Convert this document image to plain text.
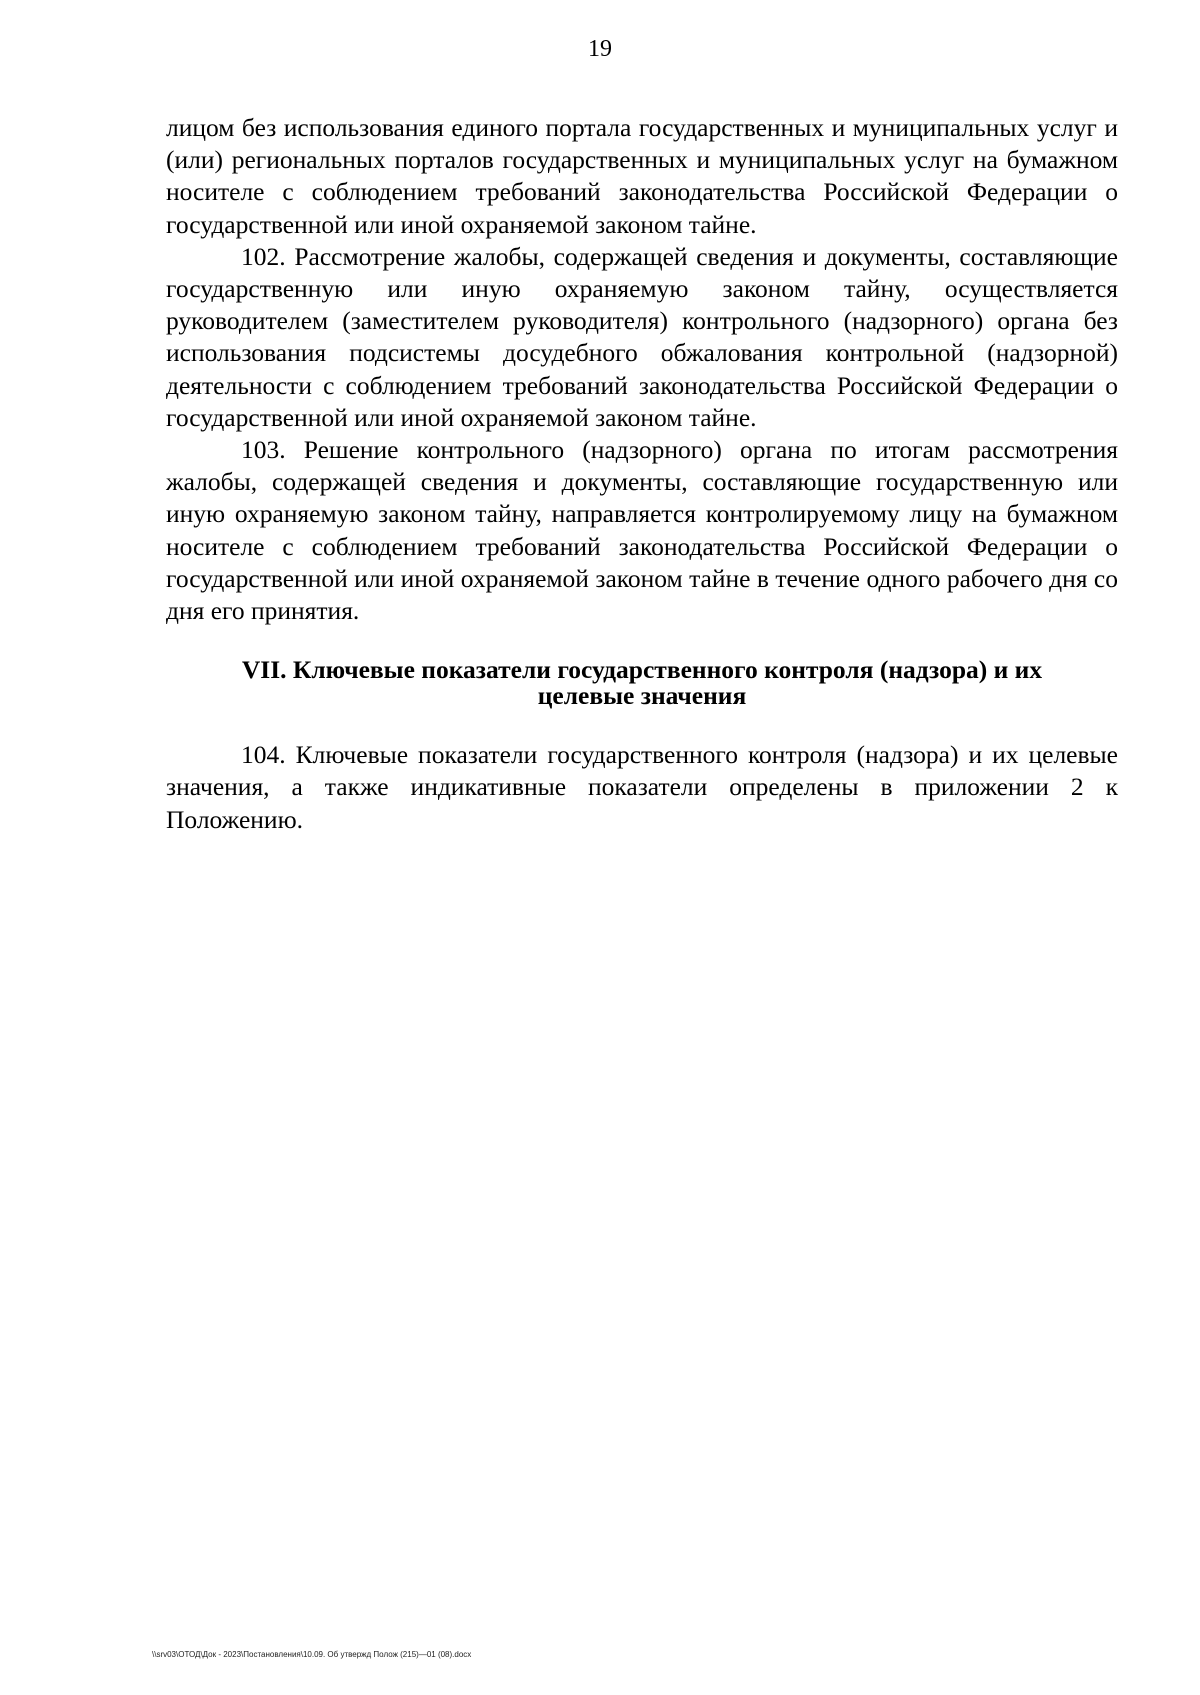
19

лицом без использования единого портала государственных и муниципальных услуг и (или) региональных порталов государственных и муниципальных услуг на бумажном носителе с соблюдением требований законодательства Российской Федерации о государственной или иной охраняемой законом тайне.

102. Рассмотрение жалобы, содержащей сведения и документы, составляющие государственную или иную охраняемую законом тайну, осуществляется руководителем (заместителем руководителя) контрольного (надзорного) органа без использования подсистемы досудебного обжалования контрольной (надзорной) деятельности с соблюдением требований законодательства Российской Федерации о государственной или иной охраняемой законом тайне.

103. Решение контрольного (надзорного) органа по итогам рассмотрения жалобы, содержащей сведения и документы, составляющие государственную или иную охраняемую законом тайну, направляется контролируемому лицу на бумажном носителе с соблюдением требований законодательства Российской Федерации о государственной или иной охраняемой законом тайне в течение одного рабочего дня со дня его принятия.

VII. Ключевые показатели государственного контроля (надзора) и их
целевые значения

104. Ключевые показатели государственного контроля (надзора) и их целевые значения, а также индикативные показатели определены в приложении 2 к Положению.

\\srv03\ОТОД\Док - 2023\Постановления\10.09. Об утвержд Полож (215)—01 (08).docx
